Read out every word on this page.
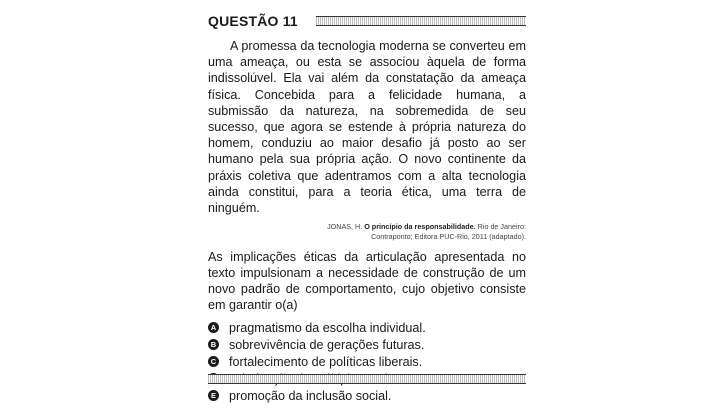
QUESTÃO 11

A promessa da tecnologia moderna se converteu em uma ameaça, ou esta se associou àquela de forma indissolúvel. Ela vai além da constatação da ameaça física. Concebida para a felicidade humana, a submissão da natureza, na sobremedida de seu sucesso, que agora se estende à própria natureza do homem, conduziu ao maior desafio já posto ao ser humano pela sua própria ação. O novo continente da práxis coletiva que adentramos com a alta tecnologia ainda constitui, para a teoria ética, uma terra de ninguém.

JONAS, H. O princípio da responsabilidade. Rio de Janeiro:
Contraponto; Editora PUC-Rio, 2011 (adaptado).
As implicações éticas da articulação apresentada no texto impulsionam a necessidade de construção de um novo padrão de comportamento, cujo objetivo consiste em garantir o(a)
A pragmatismo da escolha individual.
B sobrevivência de gerações futuras.
C fortalecimento de políticas liberais.
E promoção da inclusão social.
